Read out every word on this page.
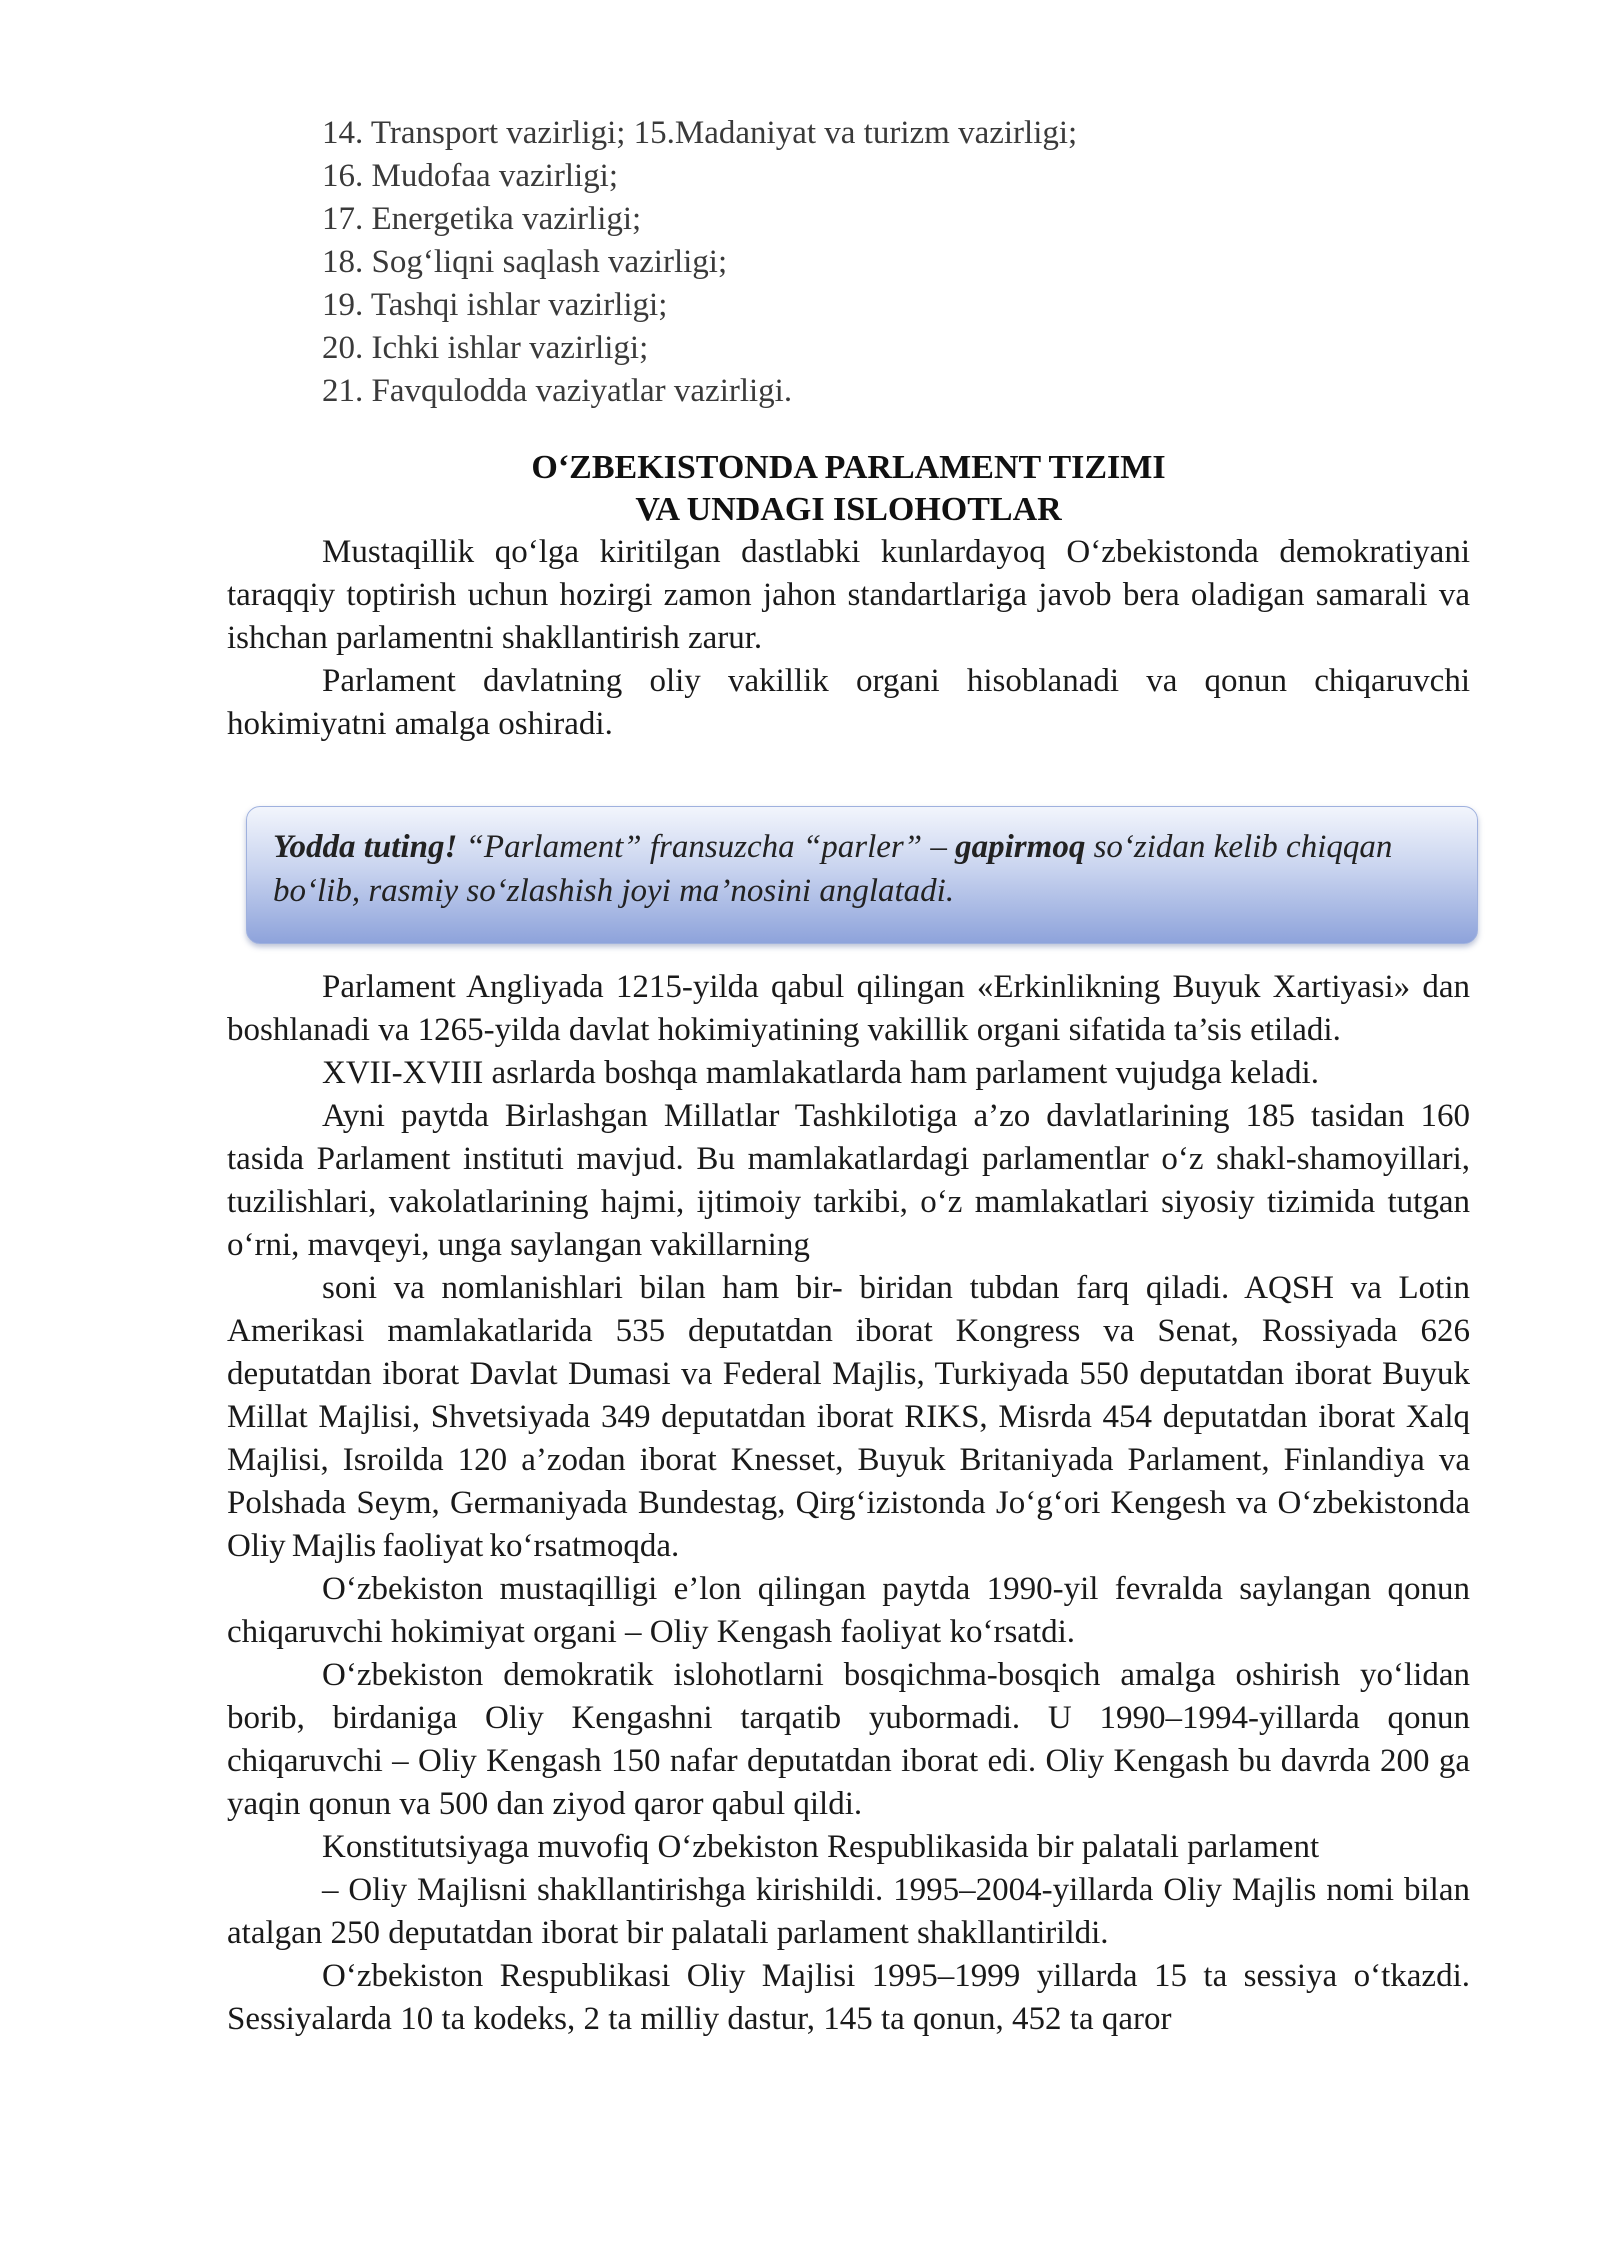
14. Transport vazirligi; 15.Madaniyat va turizm vazirligi;
16. Mudofaa vazirligi;
17. Energetika vazirligi;
18. Sog‘liqni saqlash vazirligi;
19. Tashqi ishlar vazirligi;
20. Ichki ishlar vazirligi;
21. Favqulodda vaziyatlar vazirligi.
O‘ZBEKISTONDA PARLAMENT TIZIMI
VA UNDAGI ISLOHOTLAR

Mustaqillik qo‘lga kiritilgan dastlabki kunlardayoq O‘zbekistonda demokratiyani taraqqiy toptirish uchun hozirgi zamon jahon standartlariga javob bera oladigan samarali va ishchan parlamentni shakllantirish zarur.

Parlament davlatning oliy vakillik organi hisoblanadi va qonun chiqaruvchi hokimiyatni amalga oshiradi.

Yodda tuting! “Parlament” fransuzcha “parler” – gapirmoq so‘zidan kelib chiqqan bo‘lib, rasmiy so‘zlashish joyi ma’nosini anglatadi.

Parlament Angliyada 1215-yilda qabul qilingan «Erkinlikning Buyuk Xartiyasi» dan boshlanadi va 1265-yilda davlat hokimiyatining vakillik organi sifatida ta’sis etiladi.

XVII-XVIII asrlarda boshqa mamlakatlarda ham parlament vujudga keladi.

Ayni paytda Birlashgan Millatlar Tashkilotiga a’zo davlatlarining 185 tasidan 160 tasida Parlament instituti mavjud. Bu mamlakatlardagi parlamentlar o‘z shakl-shamoyillari, tuzilishlari, vakolatlarining hajmi, ijtimoiy tarkibi, o‘z mamlakatlari siyosiy tizimida tutgan o‘rni, mavqeyi, unga saylangan vakillarning

soni va nomlanishlari bilan ham bir- biridan tubdan farq qiladi. AQSH va Lotin Amerikasi mamlakatlarida 535 deputatdan iborat Kongress va Senat, Rossiyada 626 deputatdan iborat Davlat Dumasi va Federal Majlis, Turkiyada 550 deputatdan iborat Buyuk Millat Majlisi, Shvetsiyada 349 deputatdan iborat RIKS, Misrda 454 deputatdan iborat Xalq Majlisi, Isroilda 120 a’zodan iborat Knesset, Buyuk Britaniyada Parlament, Finlandiya va Polshada Seym, Germaniyada Bundestag, Qirg‘izistonda Jo‘g‘ori Kengesh va O‘zbekistonda Oliy Majlis faoliyat ko‘rsatmoqda.

O‘zbekiston mustaqilligi e’lon qilingan paytda 1990-yil fevralda saylangan qonun chiqaruvchi hokimiyat organi – Oliy Kengash faoliyat ko‘rsatdi.

O‘zbekiston demokratik islohotlarni bosqichma-bosqich amalga oshirish yo‘lidan borib, birdaniga Oliy Kengashni tarqatib yubormadi. U 1990–1994-yillarda qonun chiqaruvchi – Oliy Kengash 150 nafar deputatdan iborat edi. Oliy Kengash bu davrda 200 ga yaqin qonun va 500 dan ziyod qaror qabul qildi.

Konstitutsiyaga muvofiq O‘zbekiston Respublikasida bir palatali parlament

– Oliy Majlisni shakllantirishga kirishildi. 1995–2004-yillarda Oliy Majlis nomi bilan atalgan 250 deputatdan iborat bir palatali parlament shakllantirildi.

O‘zbekiston Respublikasi Oliy Majlisi 1995–1999 yillarda 15 ta sessiya o‘tkazdi. Sessiyalarda 10 ta kodeks, 2 ta milliy dastur, 145 ta qonun, 452 ta qaror
